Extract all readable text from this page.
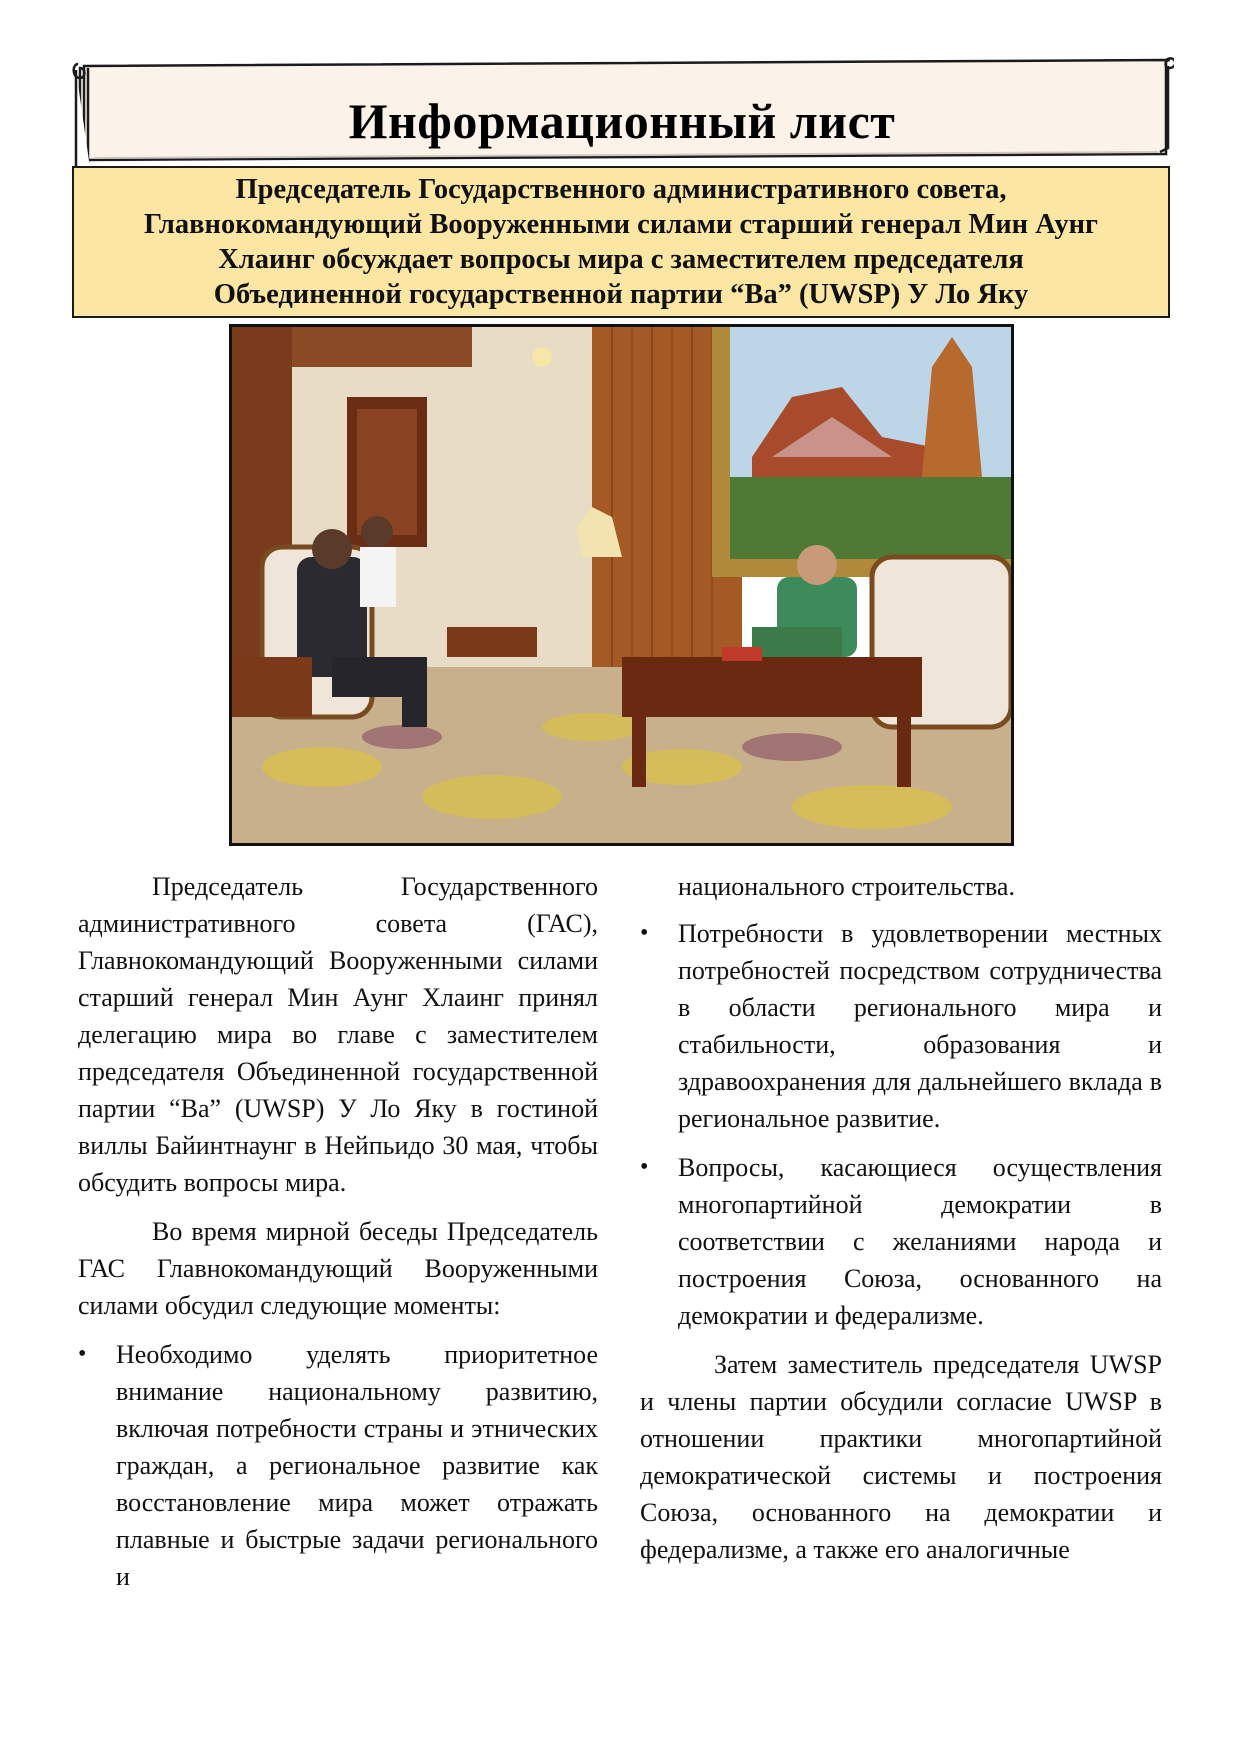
Информационный лист
Председатель Государственного административного совета,
Главнокомандующий Вооруженными силами старший генерал Мин Аунг
Хлаинг обсуждает вопросы мира с заместителем председателя
Объединенной государственной партии “Ва” (UWSP) У Ло Яку

Председатель Государственного административного совета (ГАС), Главнокомандующий Вооруженными силами старший генерал Мин Аунг Хлаинг принял делегацию мира во главе с заместителем председателя Объединенной государственной партии “Ва” (UWSP) У Ло Яку в гостиной виллы Байинтнаунг в Нейпьидо 30 мая, чтобы обсудить вопросы мира.

Во время мирной беседы Председатель ГАС Главнокомандующий Вооруженными силами обсудил следующие моменты:

• Необходимо уделять приоритетное внимание национальному развитию, включая потребности страны и этнических граждан, а региональное развитие как восстановление мира может отражать плавные и быстрые задачи регионального и
национального строительства.
• Потребности в удовлетворении местных потребностей посредством сотрудничества в области регионального мира и стабильности, образования и здравоохранения для дальнейшего вклада в региональное развитие.
• Вопросы, касающиеся осуществления многопартийной демократии в соответствии с желаниями народа и построения Союза, основанного на демократии и федерализме.

Затем заместитель председателя UWSP и члены партии обсудили согласие UWSP в отношении практики многопартийной демократической системы и построения Союза, основанного на демократии и федерализме, а также его аналогичные
